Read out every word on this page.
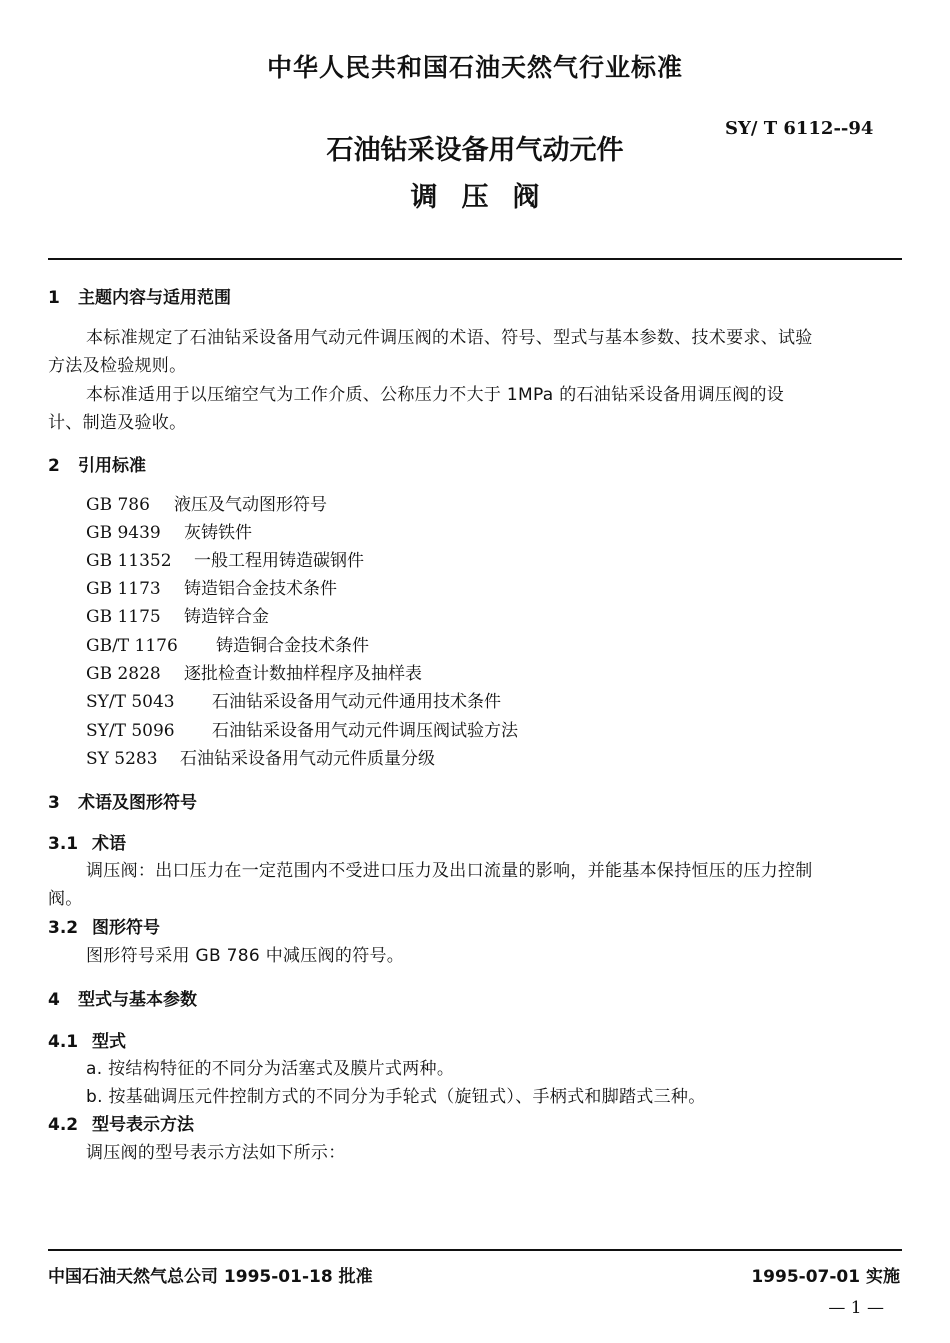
中华人民共和国石油天然气行业标准
SY/ T 6112--94
石油钻采设备用气动元件
调压阀
1 主题内容与适用范围
本标准规定了石油钻采设备用气动元件调压阀的术语、符号、型式与基本参数、技术要求、试验
方法及检验规则。
本标准适用于以压缩空气为工作介质、公称压力不大于 1MPa 的石油钻采设备用调压阀的设
计、制造及验收。
2 引用标准
GB 786 液压及气动图形符号
GB 9439 灰铸铁件
GB 11352 一般工程用铸造碳钢件
GB 1173 铸造铝合金技术条件
GB 1175 铸造锌合金
GB/T 1176 铸造铜合金技术条件
GB 2828 逐批检查计数抽样程序及抽样表
SY/T 5043 石油钻采设备用气动元件通用技术条件
SY/T 5096 石油钻采设备用气动元件调压阀试验方法
SY 5283 石油钻采设备用气动元件质量分级
3 术语及图形符号
3.1 术语
调压阀：出口压力在一定范围内不受进口压力及出口流量的影响，并能基本保持恒压的压力控制
阀。
3.2 图形符号
图形符号采用 GB 786 中减压阀的符号。
4 型式与基本参数
4.1 型式
a. 按结构特征的不同分为活塞式及膜片式两种。
b. 按基础调压元件控制方式的不同分为手轮式（旋钮式）、手柄式和脚踏式三种。
4.2 型号表示方法
调压阀的型号表示方法如下所示：
中国石油天然气总公司 1995-01-18 批准	1995-07-01 实施
— 1 —
